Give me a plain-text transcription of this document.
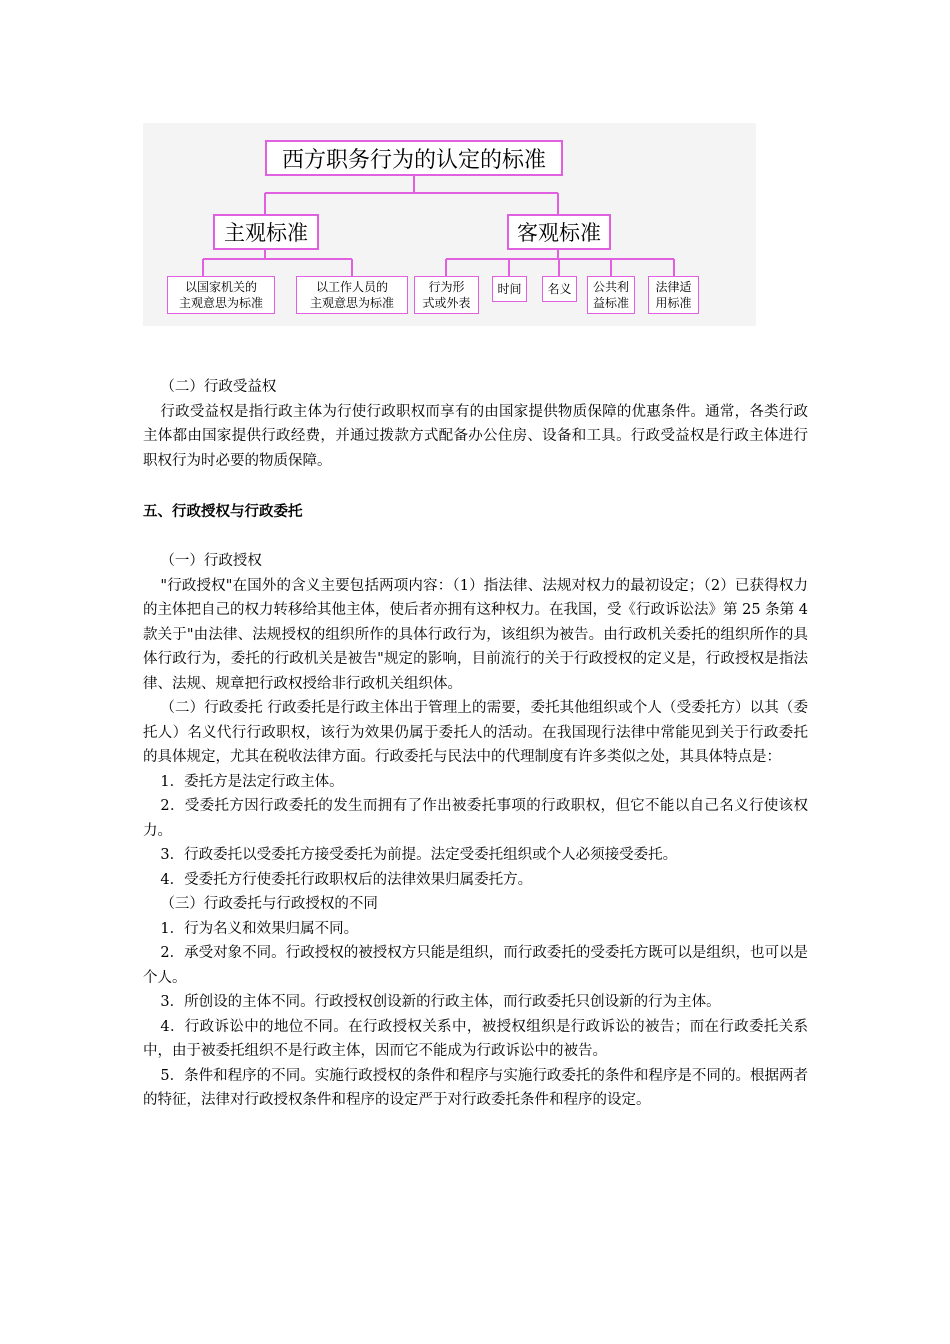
西方职务行为的认定的标准
主观标准	客观标准
以国家机关的
主观意思为标准
以工作人员的
主观意思为标准
行为形
式或外表
时间	名义	公共利
益标准
法律适
用标准

（二）行政受益权

行政受益权是指行政主体为行使行政职权而享有的由国家提供物质保障的优惠条件。通常，各类行政主体都由国家提供行政经费，并通过拨款方式配备办公住房、设备和工具。行政受益权是行政主体进行职权行为时必要的物质保障。

五、行政授权与行政委托

（一）行政授权

"行政授权"在国外的含义主要包括两项内容：（1）指法律、法规对权力的最初设定；（2）已获得权力的主体把自己的权力转移给其他主体，使后者亦拥有这种权力。在我国，受《行政诉讼法》第 25 条第 4 款关于"由法律、法规授权的组织所作的具体行政行为，该组织为被告。由行政机关委托的组织所作的具体行政行为，委托的行政机关是被告"规定的影响，目前流行的关于行政授权的定义是，行政授权是指法律、法规、规章把行政权授给非行政机关组织体。

（二）行政委托 行政委托是行政主体出于管理上的需要，委托其他组织或个人（受委托方）以其（委托人）名义代行行政职权，该行为效果仍属于委托人的活动。在我国现行法律中常能见到关于行政委托的具体规定，尤其在税收法律方面。行政委托与民法中的代理制度有许多类似之处，其具体特点是：

1．委托方是法定行政主体。

2．受委托方因行政委托的发生而拥有了作出被委托事项的行政职权，但它不能以自己名义行使该权力。

3．行政委托以受委托方接受委托为前提。法定受委托组织或个人必须接受委托。

4．受委托方行使委托行政职权后的法律效果归属委托方。

（三）行政委托与行政授权的不同

1．行为名义和效果归属不同。

2．承受对象不同。行政授权的被授权方只能是组织，而行政委托的受委托方既可以是组织，也可以是个人。

3．所创设的主体不同。行政授权创设新的行政主体，而行政委托只创设新的行为主体。

4．行政诉讼中的地位不同。在行政授权关系中，被授权组织是行政诉讼的被告；而在行政委托关系中，由于被委托组织不是行政主体，因而它不能成为行政诉讼中的被告。

5．条件和程序的不同。实施行政授权的条件和程序与实施行政委托的条件和程序是不同的。根据两者的特征，法律对行政授权条件和程序的设定严于对行政委托条件和程序的设定。
